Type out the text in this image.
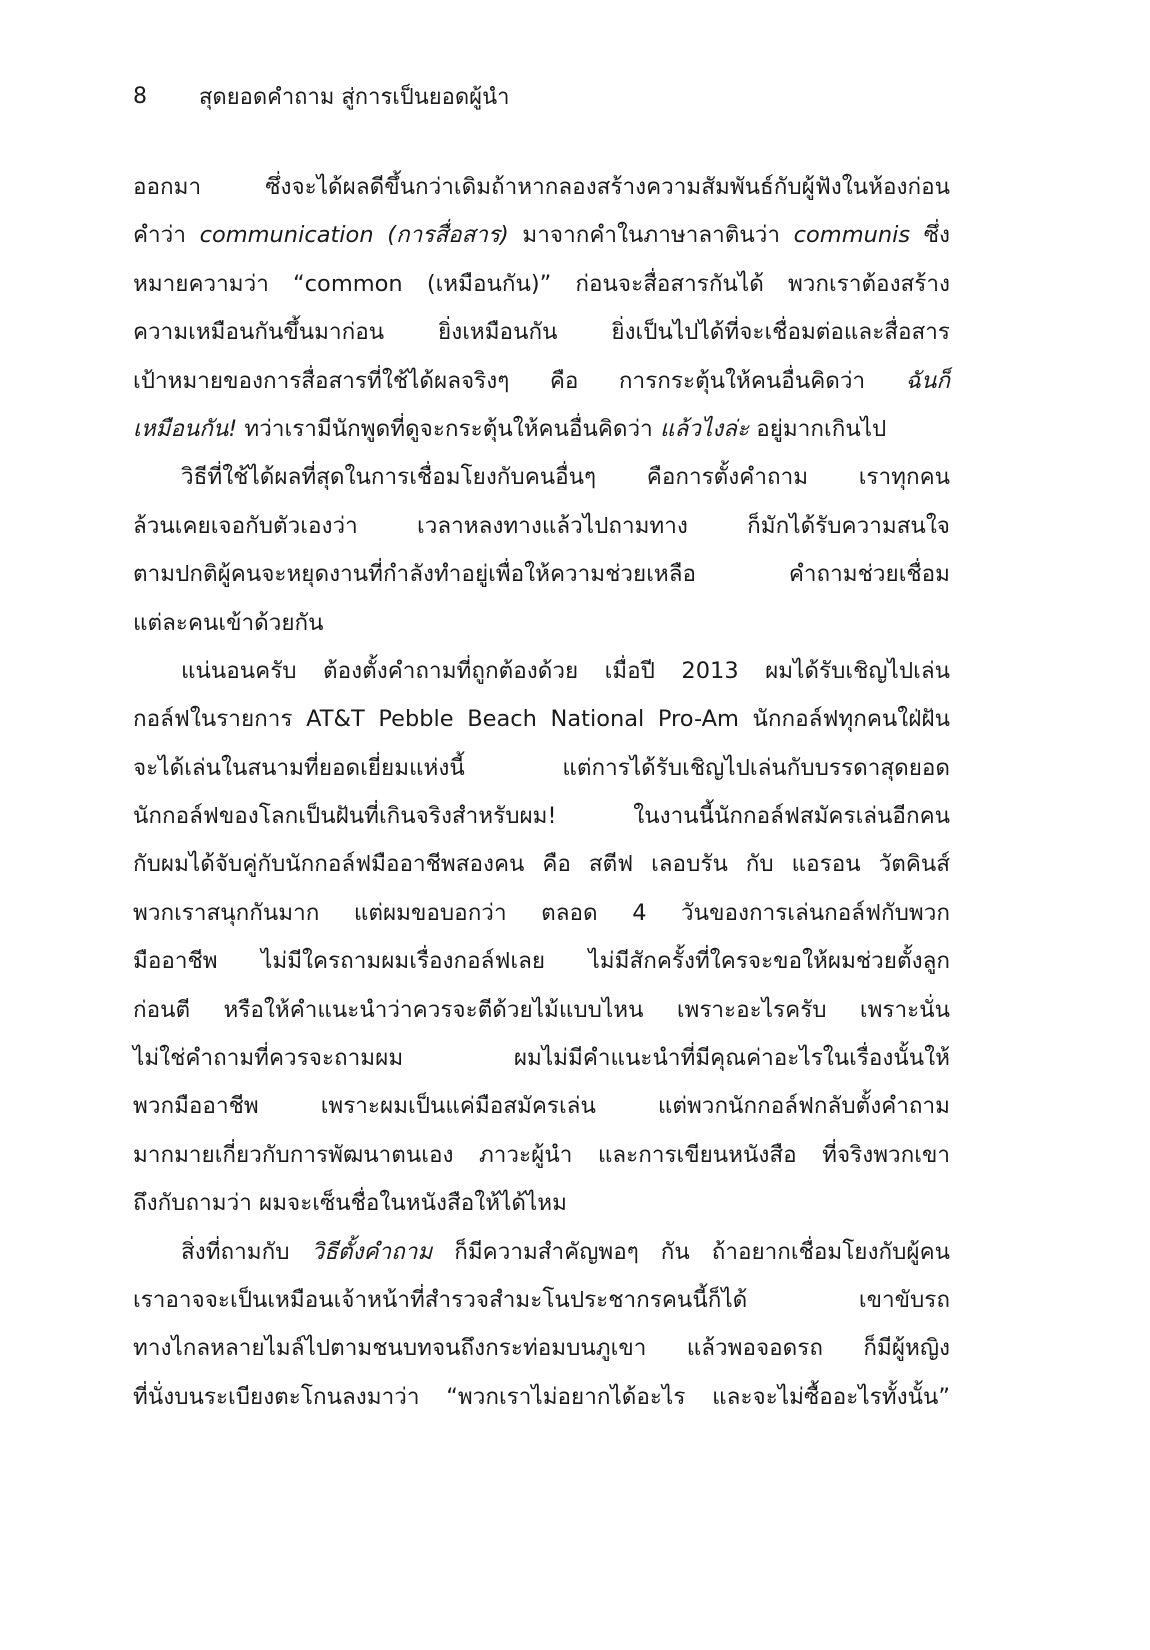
8	สุดยอดคำถาม สู่การเป็นยอดผู้นำ
ออกมา ซึ่งจะได้ผลดีขึ้นกว่าเดิมถ้าหากลองสร้างความสัมพันธ์กับผู้ฟังในห้องก่อน
คำว่า communication (การสื่อสาร) มาจากคำในภาษาลาตินว่า communis ซึ่ง
หมายความว่า “common (เหมือนกัน)” ก่อนจะสื่อสารกันได้ พวกเราต้องสร้าง
ความเหมือนกันขึ้นมาก่อน ยิ่งเหมือนกัน ยิ่งเป็นไปได้ที่จะเชื่อมต่อและสื่อสาร
เป้าหมายของการสื่อสารที่ใช้ได้ผลจริงๆ คือ การกระตุ้นให้คนอื่นคิดว่า ฉันก็
เหมือนกัน! ทว่าเรามีนักพูดที่ดูจะกระตุ้นให้คนอื่นคิดว่า แล้วไงล่ะ อยู่มากเกินไป
วิธีที่ใช้ได้ผลที่สุดในการเชื่อมโยงกับคนอื่นๆ คือการตั้งคำถาม เราทุกคน
ล้วนเคยเจอกับตัวเองว่า เวลาหลงทางแล้วไปถามทาง ก็มักได้รับความสนใจ
ตามปกติผู้คนจะหยุดงานที่กำลังทำอยู่เพื่อให้ความช่วยเหลือ คำถามช่วยเชื่อม
แต่ละคนเข้าด้วยกัน
แน่นอนครับ ต้องตั้งคำถามที่ถูกต้องด้วย เมื่อปี 2013 ผมได้รับเชิญไปเล่น
กอล์ฟในรายการ AT&T Pebble Beach National Pro-Am นักกอล์ฟทุกคนใฝ่ฝัน
จะได้เล่นในสนามที่ยอดเยี่ยมแห่งนี้ แต่การได้รับเชิญไปเล่นกับบรรดาสุดยอด
นักกอล์ฟของโลกเป็นฝันที่เกินจริงสำหรับผม! ในงานนี้นักกอล์ฟสมัครเล่นอีกคน
กับผมได้จับคู่กับนักกอล์ฟมืออาชีพสองคน คือ สตีฟ เลอบรัน กับ แอรอน วัตคินส์
พวกเราสนุกกันมาก แต่ผมขอบอกว่า ตลอด 4 วันของการเล่นกอล์ฟกับพวก
มืออาชีพ ไม่มีใครถามผมเรื่องกอล์ฟเลย ไม่มีสักครั้งที่ใครจะขอให้ผมช่วยตั้งลูก
ก่อนตี หรือให้คำแนะนำว่าควรจะตีด้วยไม้แบบไหน เพราะอะไรครับ เพราะนั่น
ไม่ใช่คำถามที่ควรจะถามผม ผมไม่มีคำแนะนำที่มีคุณค่าอะไรในเรื่องนั้นให้
พวกมืออาชีพ เพราะผมเป็นแค่มือสมัครเล่น แต่พวกนักกอล์ฟกลับตั้งคำถาม
มากมายเกี่ยวกับการพัฒนาตนเอง ภาวะผู้นำ และการเขียนหนังสือ ที่จริงพวกเขา
ถึงกับถามว่า ผมจะเซ็นชื่อในหนังสือให้ได้ไหม
สิ่งที่ถามกับ วิธีตั้งคำถาม ก็มีความสำคัญพอๆ กัน ถ้าอยากเชื่อมโยงกับผู้คน
เราอาจจะเป็นเหมือนเจ้าหน้าที่สำรวจสำมะโนประชากรคนนี้ก็ได้ เขาขับรถ
ทางไกลหลายไมล์ไปตามชนบทจนถึงกระท่อมบนภูเขา แล้วพอจอดรถ ก็มีผู้หญิง
ที่นั่งบนระเบียงตะโกนลงมาว่า “พวกเราไม่อยากได้อะไร และจะไม่ซื้ออะไรทั้งนั้น”
